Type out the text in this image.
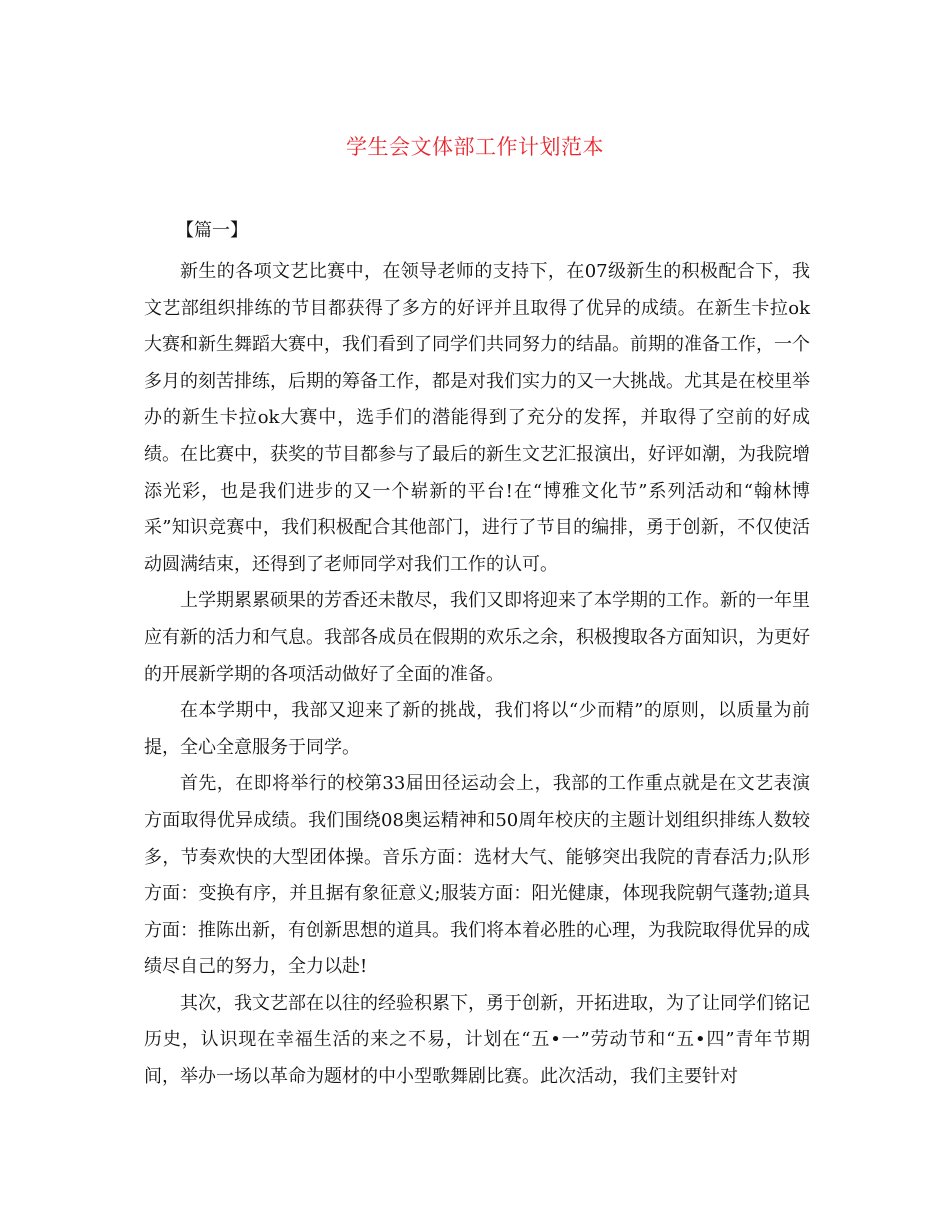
学生会文体部工作计划范本
【篇一】

新生的各项文艺比赛中，在领导老师的支持下，在07级新生的积极配合下，我文艺部组织排练的节目都获得了多方的好评并且取得了优异的成绩。在新生卡拉ok大赛和新生舞蹈大赛中，我们看到了同学们共同努力的结晶。前期的准备工作，一个多月的刻苦排练，后期的筹备工作，都是对我们实力的又一大挑战。尤其是在校里举办的新生卡拉ok大赛中，选手们的潜能得到了充分的发挥，并取得了空前的好成绩。在比赛中，获奖的节目都参与了最后的新生文艺汇报演出，好评如潮，为我院增添光彩，也是我们进步的又一个崭新的平台!在“博雅文化节”系列活动和“翰林博采”知识竞赛中，我们积极配合其他部门，进行了节目的编排，勇于创新，不仅使活动圆满结束，还得到了老师同学对我们工作的认可。

上学期累累硕果的芳香还未散尽，我们又即将迎来了本学期的工作。新的一年里应有新的活力和气息。我部各成员在假期的欢乐之余，积极搜取各方面知识，为更好的开展新学期的各项活动做好了全面的准备。

在本学期中，我部又迎来了新的挑战，我们将以“少而精”的原则，以质量为前提，全心全意服务于同学。

首先，在即将举行的校第33届田径运动会上，我部的工作重点就是在文艺表演方面取得优异成绩。我们围绕08奥运精神和50周年校庆的主题计划组织排练人数较多，节奏欢快的大型团体操。音乐方面：选材大气、能够突出我院的青春活力;队形方面：变换有序，并且据有象征意义;服装方面：阳光健康，体现我院朝气蓬勃;道具方面：推陈出新，有创新思想的道具。我们将本着必胜的心理，为我院取得优异的成绩尽自己的努力，全力以赴!

其次，我文艺部在以往的经验积累下，勇于创新，开拓进取，为了让同学们铭记历史，认识现在幸福生活的来之不易，计划在“五•一”劳动节和“五•四”青年节期间，举办一场以革命为题材的中小型歌舞剧比赛。此次活动，我们主要针对
